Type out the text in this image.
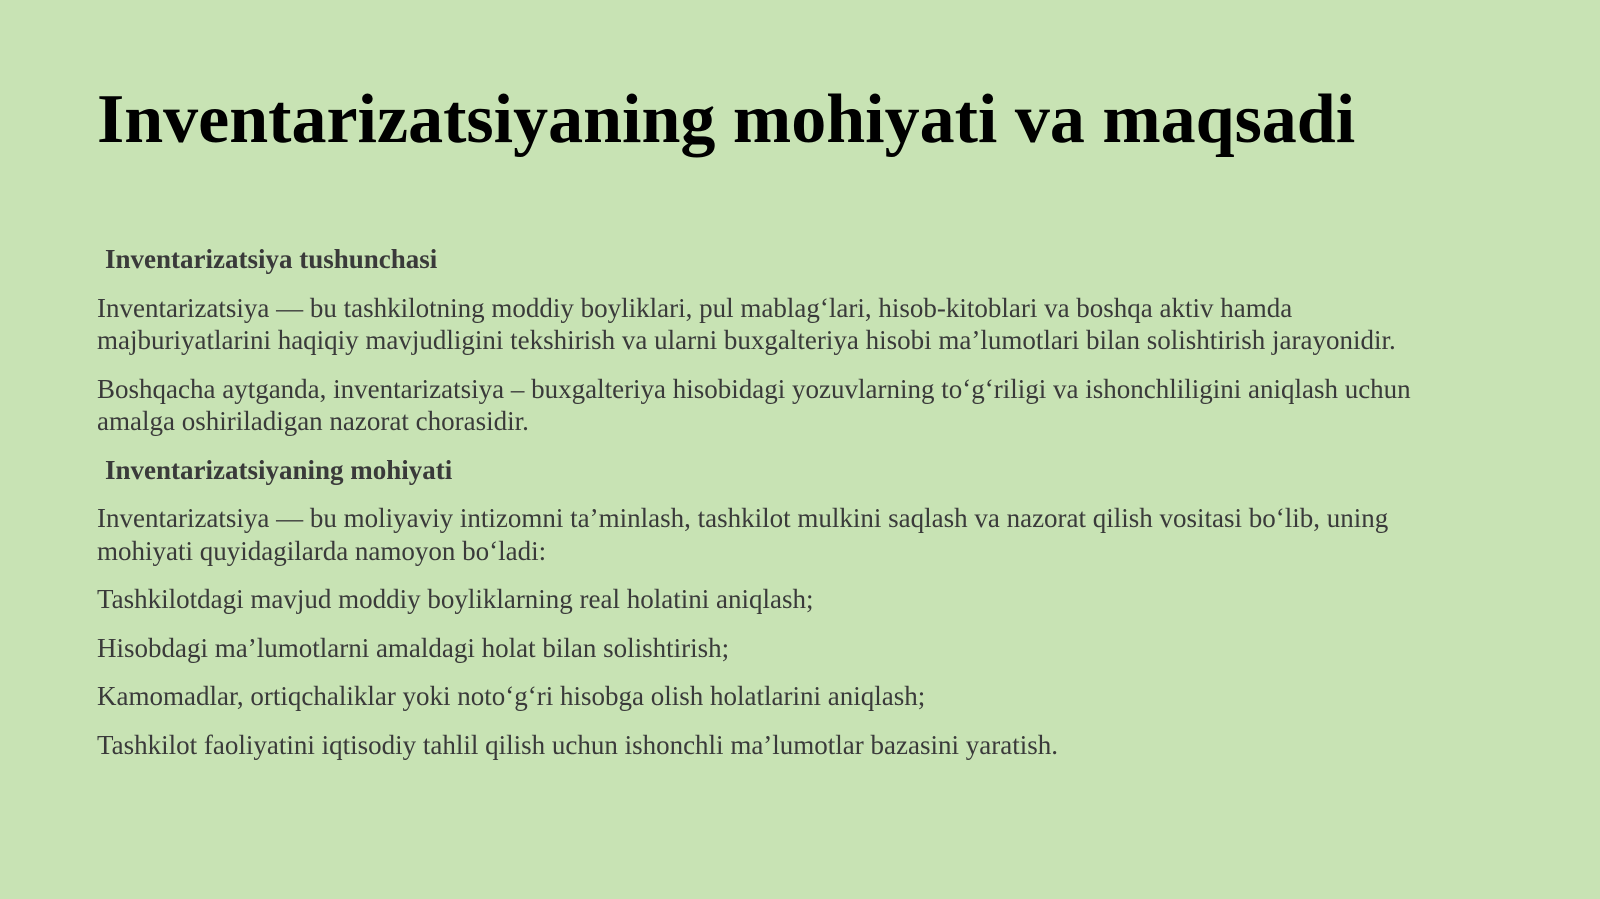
Inventarizatsiyaning mohiyati va maqsadi

Inventarizatsiya tushunchasi

Inventarizatsiya — bu tashkilotning moddiy boyliklari, pul mablag‘lari, hisob-kitoblari va boshqa aktiv hamda majburiyatlarini haqiqiy mavjudligini tekshirish va ularni buxgalteriya hisobi ma’lumotlari bilan solishtirish jarayonidir.

Boshqacha aytganda, inventarizatsiya – buxgalteriya hisobidagi yozuvlarning to‘g‘riligi va ishonchliligini aniqlash uchun amalga oshiriladigan nazorat chorasidir.

Inventarizatsiyaning mohiyati

Inventarizatsiya — bu moliyaviy intizomni ta’minlash, tashkilot mulkini saqlash va nazorat qilish vositasi bo‘lib, uning mohiyati quyidagilarda namoyon bo‘ladi:

Tashkilotdagi mavjud moddiy boyliklarning real holatini aniqlash;

Hisobdagi ma’lumotlarni amaldagi holat bilan solishtirish;

Kamomadlar, ortiqchaliklar yoki noto‘g‘ri hisobga olish holatlarini aniqlash;

Tashkilot faoliyatini iqtisodiy tahlil qilish uchun ishonchli ma’lumotlar bazasini yaratish.
